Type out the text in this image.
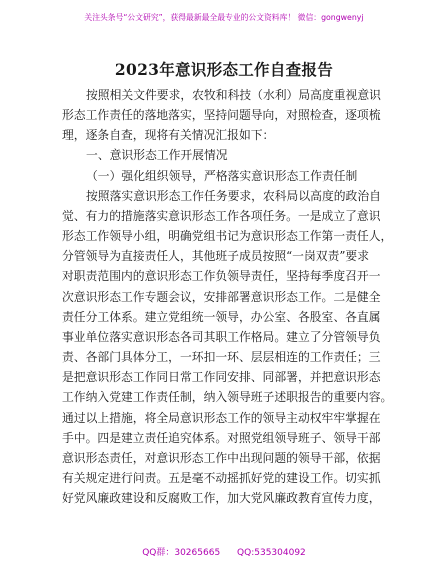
关注头条号“公文研究”，获得最新最全最专业的公文资料库！ 微信：gongwenyj
2023年意识形态工作自查报告
按照相关文件要求，农牧和科技（水利）局高度重视意识
形态工作责任的落地落实，坚持问题导向，对照检查，逐项梳
理，逐条自查，现将有关情况汇报如下：
一、意识形态工作开展情况
（一）强化组织领导，严格落实意识形态工作责任制
按照落实意识形态工作任务要求，农科局以高度的政治自
觉、有力的措施落实意识形态工作各项任务。一是成立了意识
形态工作领导小组，明确党组书记为意识形态工作第一责任人，
分管领导为直接责任人，其他班子成员按照“一岗双责”要求
对职责范围内的意识形态工作负领导责任，坚持每季度召开一
次意识形态工作专题会议，安排部署意识形态工作。二是健全
责任分工体系。建立党组统一领导，办公室、各股室、各直属
事业单位落实意识形态各司其职工作格局。建立了分管领导负
责、各部门具体分工，一环扣一环、层层相连的工作责任；三
是把意识形态工作同日常工作同安排、同部署，并把意识形态
工作纳入党建工作责任制，纳入领导班子述职报告的重要内容。
通过以上措施，将全局意识形态工作的领导主动权牢牢掌握在
手中。四是建立责任追究体系。对照党组领导班子、领导干部
意识形态责任，对意识形态工作中出现问题的领导干部，依据
有关规定进行问责。五是毫不动摇抓好党的建设工作。切实抓
好党风廉政建设和反腐败工作，加大党风廉政教育宣传力度，
QQ群：30265665 QQ:535304092
